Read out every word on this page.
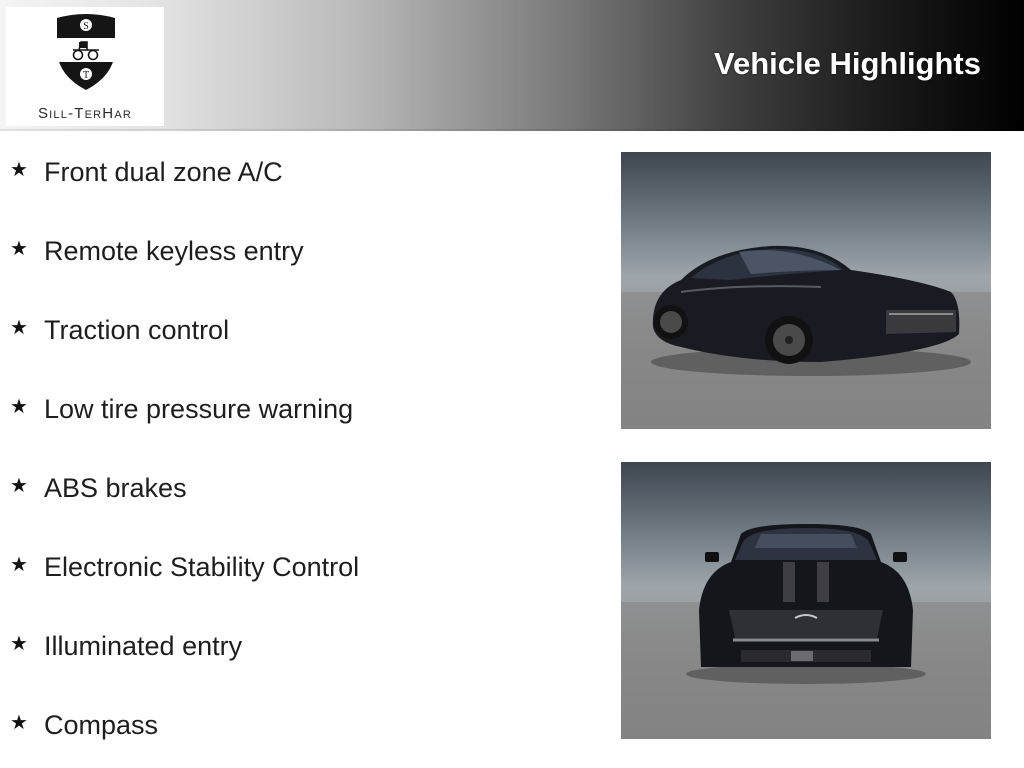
S
T
Sill-TerHar
Vehicle Highlights
★ Front dual zone A/C
★ Remote keyless entry
★ Traction control
★ Low tire pressure warning
★ ABS brakes
★ Electronic Stability Control
★ Illuminated entry
★ Compass
